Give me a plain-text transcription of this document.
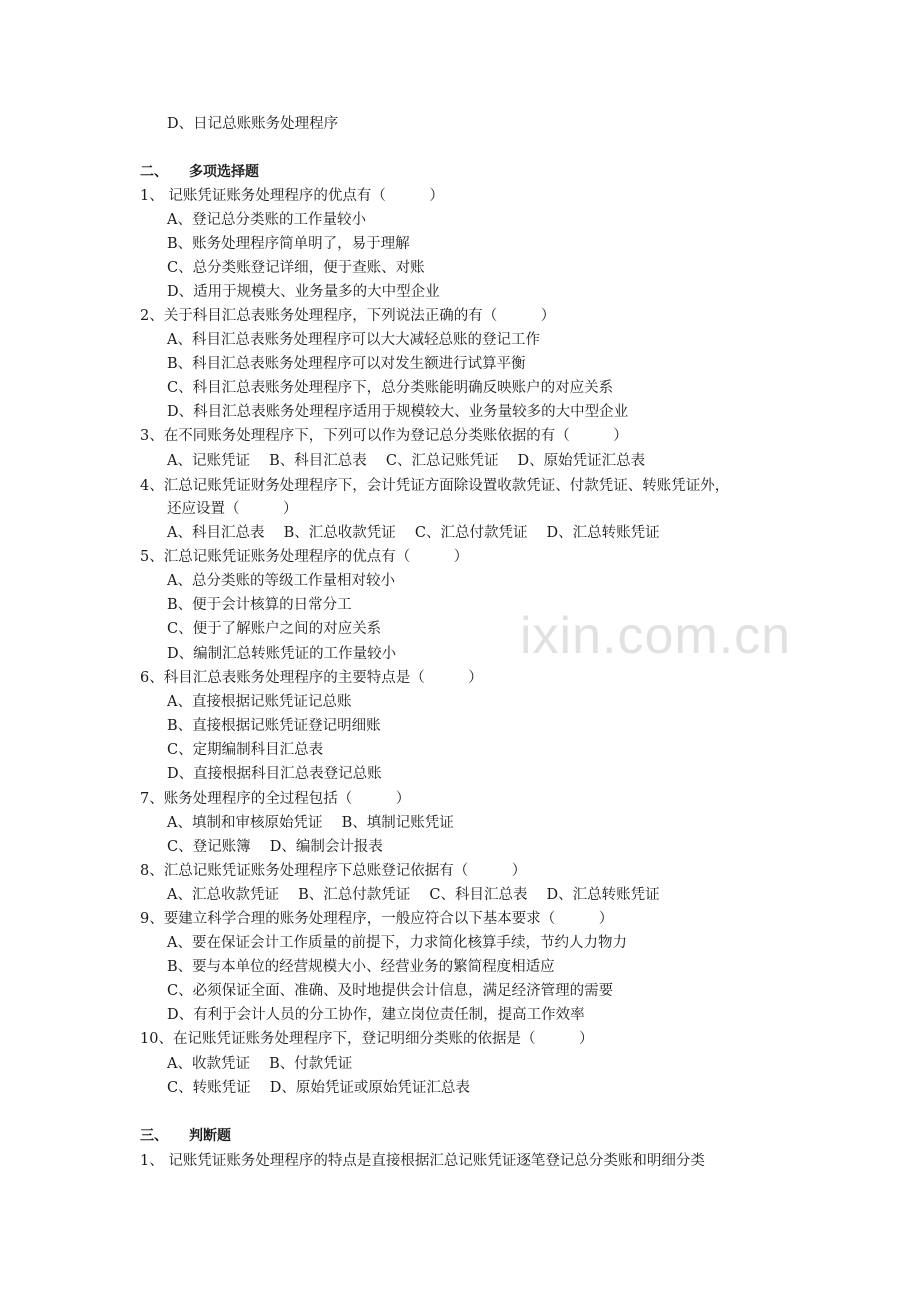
ixin.com.cn
D、日记总账账务处理程序
二、　　多项选择题
1、 记账凭证账务处理程序的优点有（　　　）
A、登记总分类账的工作量较小
B、账务处理程序简单明了，易于理解
C、总分类账登记详细，便于查账、对账
D、适用于规模大、业务量多的大中型企业
2、关于科目汇总表账务处理程序，下列说法正确的有（　　　）
A、科目汇总表账务处理程序可以大大减轻总账的登记工作
B、科目汇总表账务处理程序可以对发生额进行试算平衡
C、科目汇总表账务处理程序下，总分类账能明确反映账户的对应关系
D、科目汇总表账务处理程序适用于规模较大、业务量较多的大中型企业
3、在不同账务处理程序下，下列可以作为登记总分类账依据的有（　　　）
A、记账凭证　 B、科目汇总表　 C、汇总记账凭证　 D、原始凭证汇总表
4、汇总记账凭证财务处理程序下，会计凭证方面除设置收款凭证、付款凭证、转账凭证外，
还应设置（　　　）
A、科目汇总表　 B、汇总收款凭证　 C、汇总付款凭证　 D、汇总转账凭证
5、汇总记账凭证账务处理程序的优点有（　　　）
A、总分类账的等级工作量相对较小
B、便于会计核算的日常分工
C、便于了解账户之间的对应关系
D、编制汇总转账凭证的工作量较小
6、科目汇总表账务处理程序的主要特点是（　　　）
A、直接根据记账凭证记总账
B、直接根据记账凭证登记明细账
C、定期编制科目汇总表
D、直接根据科目汇总表登记总账
7、账务处理程序的全过程包括（　　　）
A、填制和审核原始凭证　 B、填制记账凭证
C、登记账簿　 D、编制会计报表
8、汇总记账凭证账务处理程序下总账登记依据有（　　　）
A、汇总收款凭证　 B、汇总付款凭证　 C、科目汇总表　 D、汇总转账凭证
9、要建立科学合理的账务处理程序，一般应符合以下基本要求（　　　）
A、要在保证会计工作质量的前提下，力求简化核算手续，节约人力物力
B、要与本单位的经营规模大小、经营业务的繁简程度相适应
C、必须保证全面、准确、及时地提供会计信息，满足经济管理的需要
D、有利于会计人员的分工协作，建立岗位责任制，提高工作效率
10、在记账凭证账务处理程序下，登记明细分类账的依据是（　　　）
A、收款凭证　 B、付款凭证
C、转账凭证　 D、原始凭证或原始凭证汇总表
三、　　判断题
1、 记账凭证账务处理程序的特点是直接根据汇总记账凭证逐笔登记总分类账和明细分类
